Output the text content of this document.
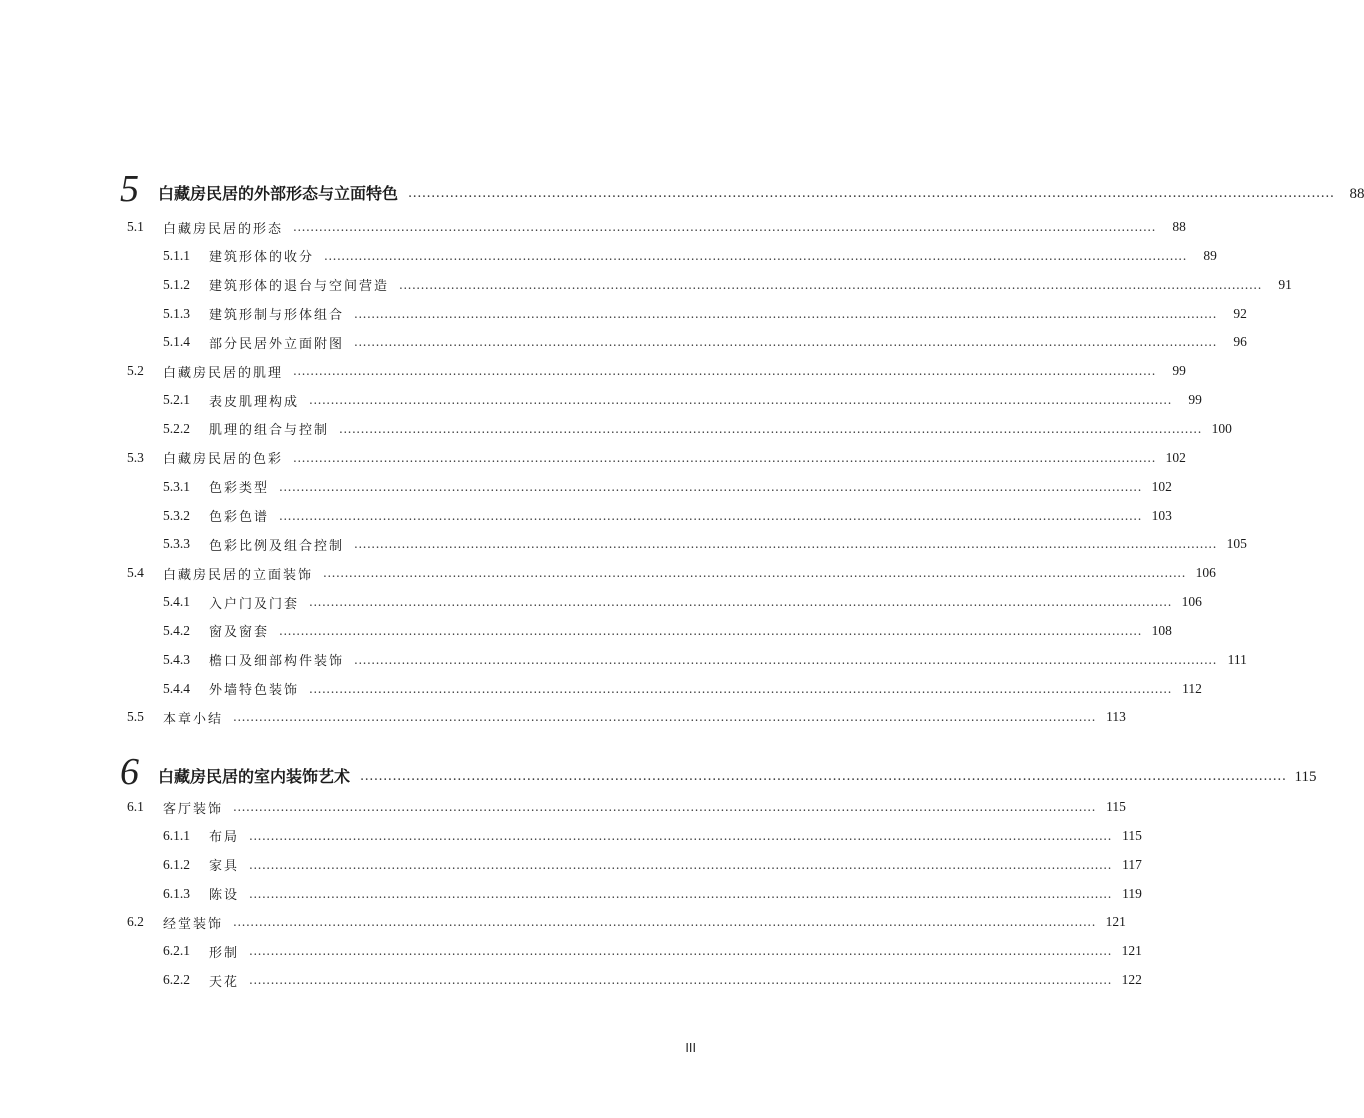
5	白藏房民居的外部形态与立面特色 ........................................................................................................................................................................................................	88
5.1	白藏房民居的形态 ........................................................................................................................................................................................................	88
5.1.1	建筑形体的收分 ........................................................................................................................................................................................................	89
5.1.2	建筑形体的退台与空间营造 ........................................................................................................................................................................................................	91
5.1.3	建筑形制与形体组合 ........................................................................................................................................................................................................	92
5.1.4	部分民居外立面附图 ........................................................................................................................................................................................................	96
5.2	白藏房民居的肌理 ........................................................................................................................................................................................................	99
5.2.1	表皮肌理构成 ........................................................................................................................................................................................................	99
5.2.2	肌理的组合与控制 ........................................................................................................................................................................................................ 100
5.3	白藏房民居的色彩 ........................................................................................................................................................................................................ 102
5.3.1	色彩类型 ........................................................................................................................................................................................................ 102
5.3.2	色彩色谱 ........................................................................................................................................................................................................ 103
5.3.3	色彩比例及组合控制 ........................................................................................................................................................................................................ 105
5.4	白藏房民居的立面装饰 ........................................................................................................................................................................................................ 106
5.4.1	入户门及门套 ........................................................................................................................................................................................................ 106
5.4.2	窗及窗套 ........................................................................................................................................................................................................ 108
5.4.3	檐口及细部构件装饰 ........................................................................................................................................................................................................ 111
5.4.4	外墙特色装饰 ........................................................................................................................................................................................................ 112
5.5	本章小结 ........................................................................................................................................................................................................ 113
6	白藏房民居的室内装饰艺术 ........................................................................................................................................................................................................ 115
6.1	客厅装饰 ........................................................................................................................................................................................................ 115
6.1.1	布局 ........................................................................................................................................................................................................ 115
6.1.2	家具 ........................................................................................................................................................................................................ 117
6.1.3	陈设 ........................................................................................................................................................................................................ 119
6.2	经堂装饰 ........................................................................................................................................................................................................ 121
6.2.1	形制 ........................................................................................................................................................................................................ 121
6.2.2	天花 ........................................................................................................................................................................................................ 122
III
